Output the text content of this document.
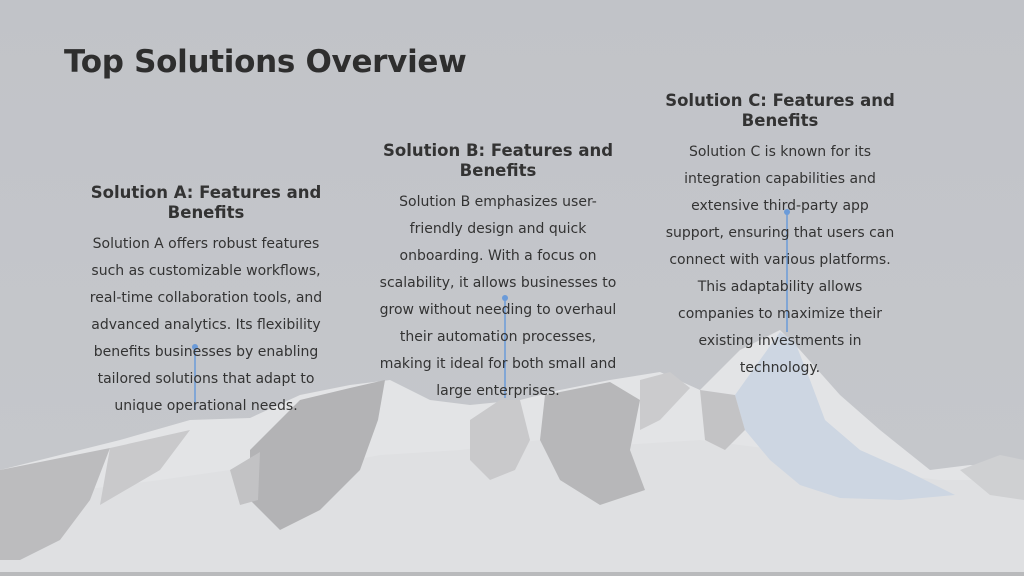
Top Solutions Overview
Solution A: Features and Benefits

Solution A offers robust features such as customizable workflows, real-time collaboration tools, and advanced analytics. Its flexibility benefits businesses by enabling tailored solutions that adapt to unique operational needs.

Solution B: Features and Benefits

Solution B emphasizes user-friendly design and quick onboarding. With a focus on scalability, it allows businesses to grow without needing to overhaul their automation processes, making it ideal for both small and large enterprises.

Solution C: Features and Benefits

Solution C is known for its integration capabilities and extensive third-party app support, ensuring that users can connect with various platforms. This adaptability allows companies to maximize their existing investments in technology.
